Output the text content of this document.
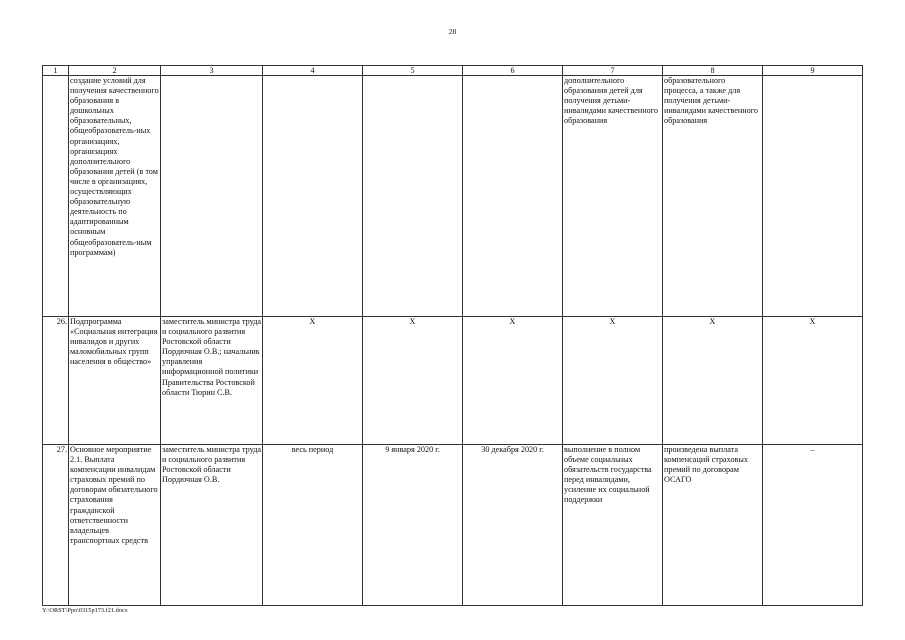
28
1	2	3	4	5	6	7	8	9
	создание условий для получения качественного образования в дошкольных образовательных, общеобразователь-ных организациях, организациях дополнительного образования детей (в том числе в организациях, осуществляющих образовательную деятельность по адаптированным основным общеобразователь-ным программам)					дополнительного образования детей для получения детьми-инвалидами качественного образования	образовательного процесса, а также для получения детьми-инвалидами качественного образования	
26.	Подпрограмма «Социальная интеграция инвалидов и других маломобильных групп населения в общество»	заместитель министра труда и социального развития Ростовской области Пордючная О.В.; начальник управления информационной политики Правительства Ростовской области Тюрин С.В.	Х	Х	Х	Х	Х	Х
27.	Основное мероприятие 2.1. Выплата компенсации инвалидам страховых премий по договорам обязательного страхования гражданской ответственности владельцев транспортных средств	заместитель министра труда и социального развития Ростовской области Пордючная О.В.	весь период	9 января 2020 г.	30 декабря 2020 г.	выполнение в полном объеме социальных обязательств государства перед инвалидами, усиление их социальной поддержки	произведена выплата компенсаций страховых премий по договорам ОСАГО	–
Y:\ORST\Ppo\0315p173.f21.docx
